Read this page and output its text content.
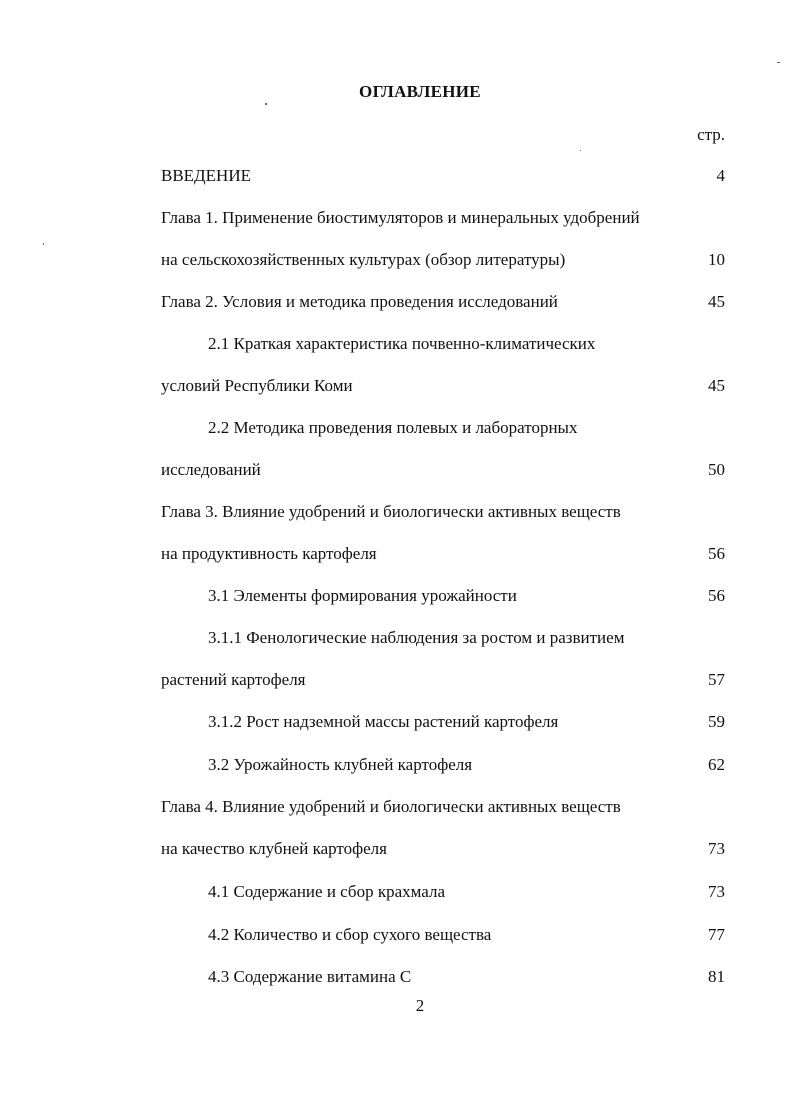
ОГЛАВЛЕНИЕ
стр.
ВВЕДЕНИЕ	4
Глава 1. Применение биостимуляторов и минеральных удобрений
на сельскохозяйственных культурах (обзор литературы)	10
Глава 2. Условия и методика проведения исследований	45
2.1 Краткая характеристика почвенно-климатических
условий Республики Коми	45
2.2 Методика проведения полевых и лабораторных
исследований	50
Глава 3. Влияние удобрений и биологически активных веществ
на продуктивность картофеля	56
3.1 Элементы формирования урожайности	56
3.1.1 Фенологические наблюдения за ростом и развитием
растений картофеля	57
3.1.2 Рост надземной массы растений картофеля	59
3.2 Урожайность клубней картофеля	62
Глава 4. Влияние удобрений и биологически активных веществ
на качество клубней картофеля	73
4.1 Содержание и сбор крахмала	73
4.2 Количество и сбор сухого вещества	77
4.3 Содержание витамина С	81
2
